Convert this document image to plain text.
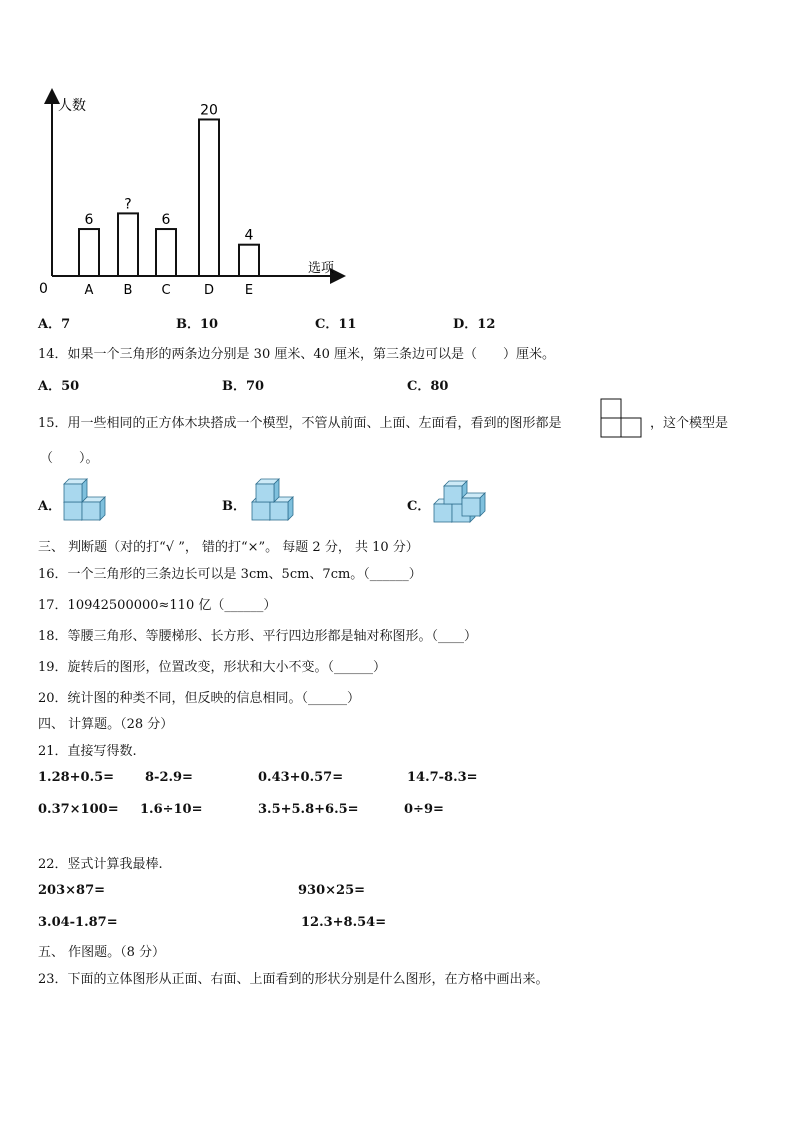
人数
选项
0
6
A
?
B
6
C
20
D
4
E
A．7	B．10	C．11	D．12
14．如果一个三角形的两条边分别是 30 厘米、40 厘米，第三条边可以是（　　）厘米。
A．50	B．70	C．80
15．用一些相同的正方体木块搭成一个模型，不管从前面、上面、左面看，看到的图形都是	，这个模型是
（　　）。
A．	B．	C．
三、 判断题（对的打“√ ”， 错的打“×”。 每题 2 分， 共 10 分）
16．一个三角形的三条边长可以是 3cm、5cm、7cm。（______）
17．10942500000≈110 亿（______）
18．等腰三角形、等腰梯形、长方形、平行四边形都是轴对称图形。（____）
19．旋转后的图形，位置改变，形状和大小不变。（______）
20．统计图的种类不同，但反映的信息相同。（______）
四、 计算题。（28 分）
21．直接写得数.
1.28+0.5= 8-2.9=	0.43+0.57=	14.7-8.3=
0.37×100= 1.6÷10=	3.5+5.8+6.5=	0÷9=
22．竖式计算我最棒.
203×87=	930×25=
3.04-1.87=	12.3+8.54=
五、 作图题。（8 分）
23．下面的立体图形从正面、右面、上面看到的形状分别是什么图形，在方格中画出来。
